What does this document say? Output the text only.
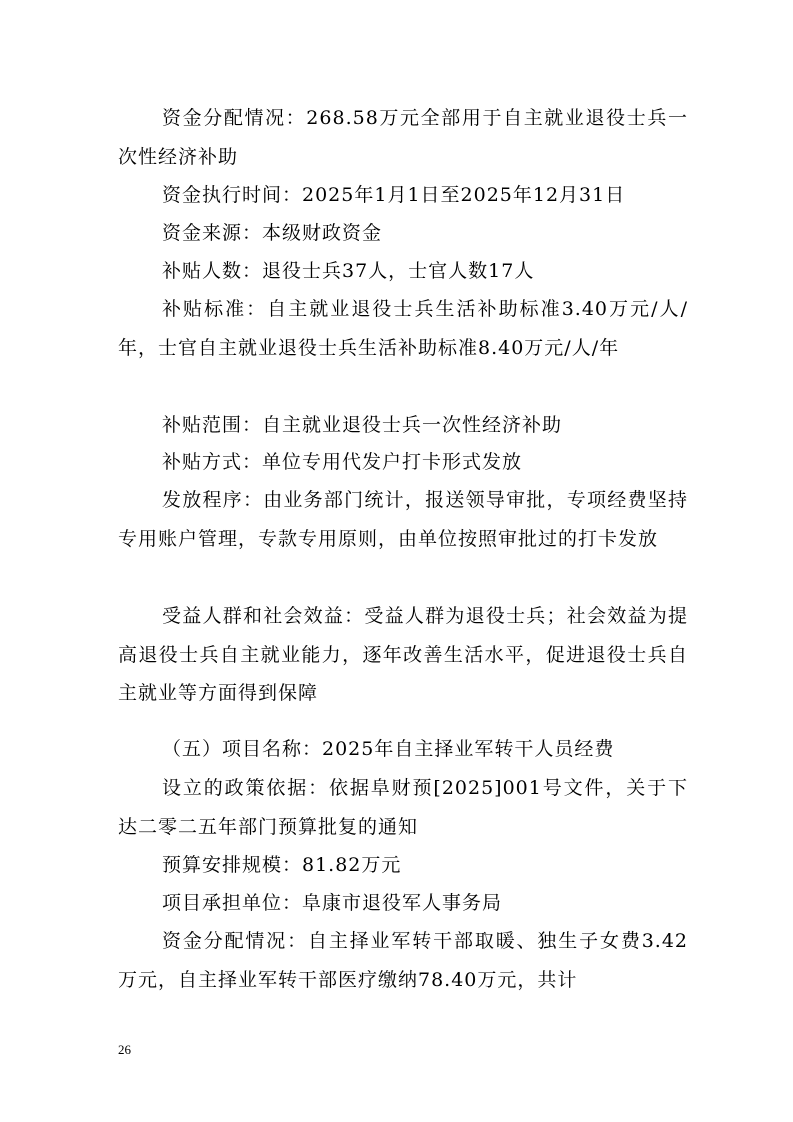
资金分配情况：268.58万元全部用于自主就业退役士兵一次性经济补助

资金执行时间：2025年1月1日至2025年12月31日

资金来源：本级财政资金

补贴人数：退役士兵37人，士官人数17人

补贴标准：自主就业退役士兵生活补助标准3.40万元/人/年，士官自主就业退役士兵生活补助标准8.40万元/人/年

补贴范围：自主就业退役士兵一次性经济补助

补贴方式：单位专用代发户打卡形式发放

发放程序：由业务部门统计，报送领导审批，专项经费坚持专用账户管理，专款专用原则，由单位按照审批过的打卡发放

受益人群和社会效益：受益人群为退役士兵；社会效益为提高退役士兵自主就业能力，逐年改善生活水平，促进退役士兵自主就业等方面得到保障

（五）项目名称：2025年自主择业军转干人员经费

设立的政策依据：依据阜财预[2025]001号文件，关于下达二零二五年部门预算批复的通知

预算安排规模：81.82万元

项目承担单位：阜康市退役军人事务局

资金分配情况：自主择业军转干部取暖、独生子女费3.42万元，自主择业军转干部医疗缴纳78.40万元，共计

26
